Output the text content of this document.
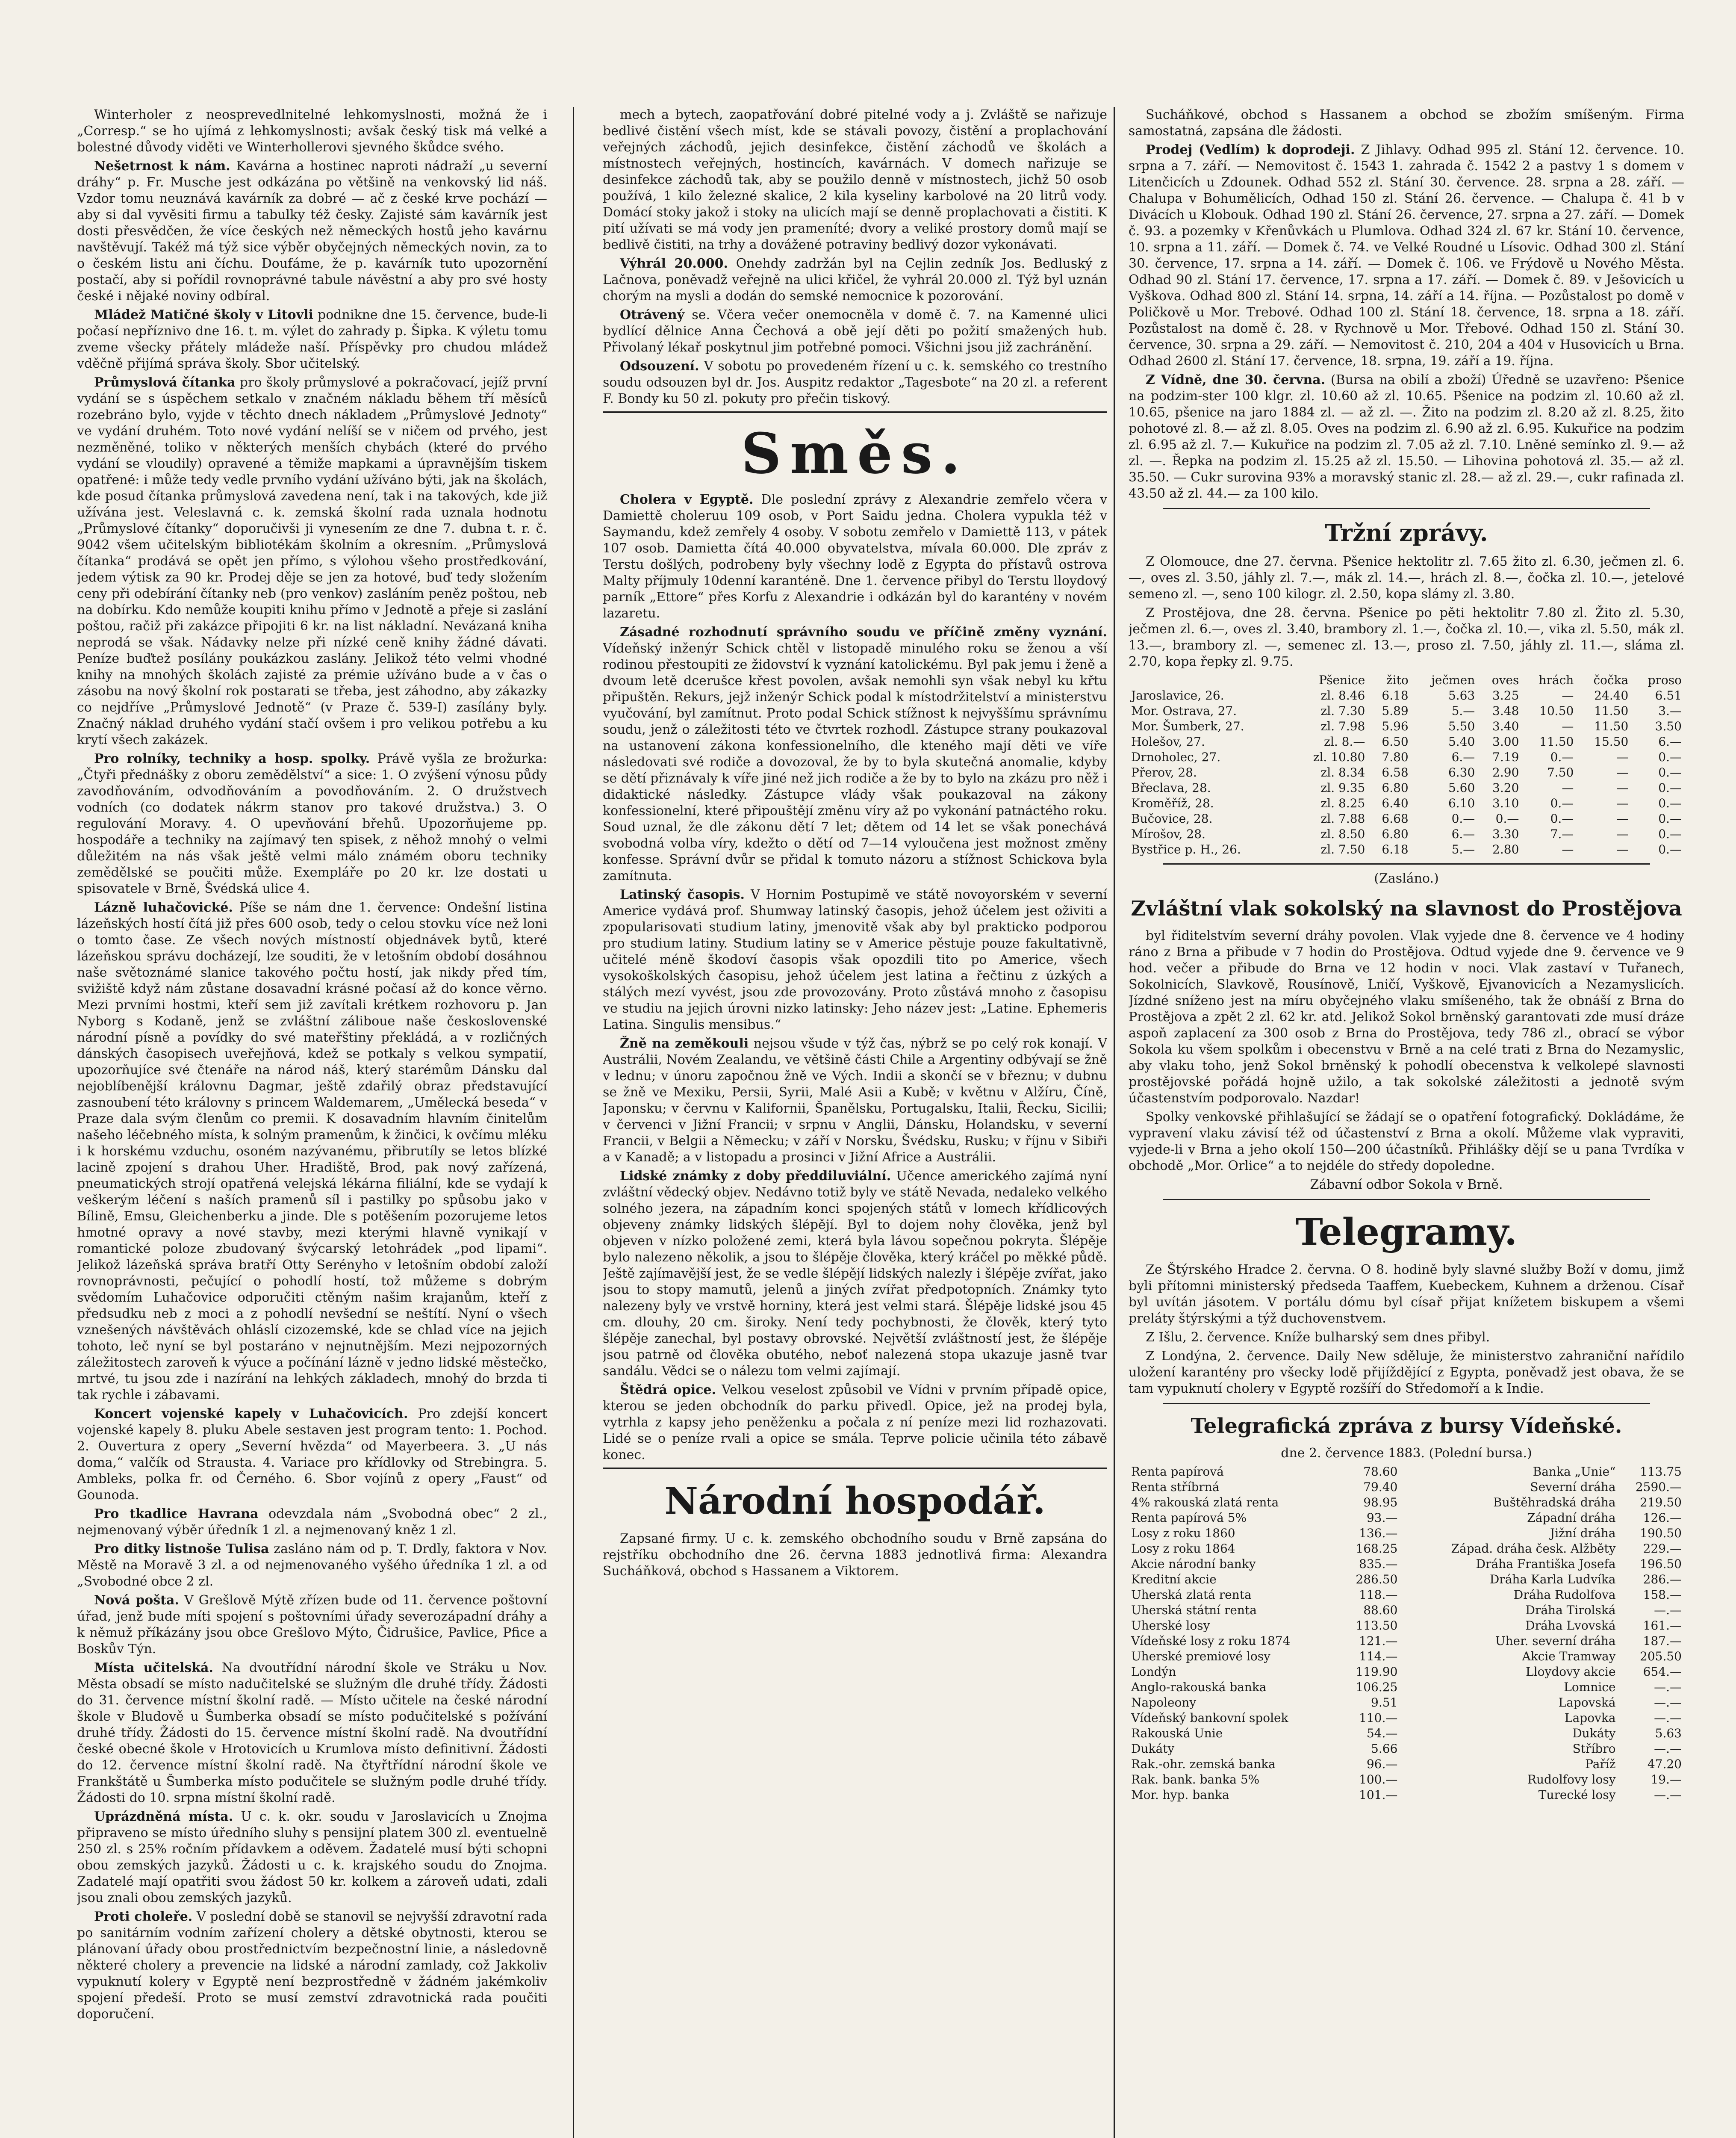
Winterholer z neosprevedlnitelné lehkomyslnosti, možná že i „Corresp.“ se ho ujímá z lehkomyslnosti; avšak český tisk má velké a bolestné důvody viděti ve Winterhollerovi sjevného škůdce svého.

Nešetrnost k nám. Kavárna a hostinec naproti nádraží „u severní dráhy“ p. Fr. Musche jest odkázána po většině na venkovský lid náš. Vzdor tomu neuznává kavárník za dobré — ač z české krve pochází — aby si dal vyvěsiti firmu a tabulky též česky. Zajisté sám kavárník jest dosti přesvědčen, že více českých než německých hostů jeho kavárnu navštěvují. Takéž má týž sice výběr obyčejných německých novin, za to o českém listu ani číchu. Doufáme, že p. kavárník tuto upozornění postačí, aby si pořídil rovnoprávné tabule návěstní a aby pro své hosty české i nějaké noviny odbíral.

Mládež Matičné školy v Litovli podnikne dne 15. července, bude-li počasí nepříznivo dne 16. t. m. výlet do zahrady p. Šipka. K výletu tomu zveme všecky přátely mládeže naší. Příspěvky pro chudou mládež vděčně přijímá správa školy. Sbor učitelský.

Průmyslová čítanka pro školy průmyslové a pokračovací, jejíž první vydání se s úspěchem setkalo v značném nákladu během tří měsíců rozebráno bylo, vyjde v těchto dnech nákladem „Průmyslové Jednoty“ ve vydání druhém. Toto nové vydání nelíší se v ničem od prvého, jest nezměněné, toliko v některých menších chybách (které do prvého vydání se vloudily) opravené a těmiže mapkami a úpravnějším tiskem opatřené: i může tedy vedle prvního vydání užíváno býti, jak na školách, kde posud čítanka průmyslová zavedena není, tak i na takových, kde již užívána jest. Veleslavná c. k. zemská školní rada uznala hodnotu „Průmyslové čítanky“ doporučivši ji vynesením ze dne 7. dubna t. r. č. 9042 všem učitelským bibliotékám školním a okresním. „Průmyslová čítanka“ prodává se opět jen přímo, s výlohou všeho prostředkování, jedem výtisk za 90 kr. Prodej děje se jen za hotové, buď tedy složením ceny při odebírání čítanky neb (pro venkov) zasláním peněz poštou, neb na dobírku. Kdo nemůže koupiti knihu přímo v Jednotě a přeje si zaslání poštou, račiž při zakázce připojiti 6 kr. na list nákladní. Nevázaná kniha neprodá se však. Nádavky nelze při nízké ceně knihy žádné dávati. Peníze buďtež posílány poukázkou zaslány. Jelikož této velmi vhodné knihy na mnohých školách zajisté za prémie užíváno bude a v čas o zásobu na nový školní rok postarati se třeba, jest záhodno, aby zákazky co nejdříve „Průmyslové Jednotě“ (v Praze č. 539-I) zasílány byly. Značný náklad druhého vydání stačí ovšem i pro velikou potřebu a ku krytí všech zakázek.

Pro rolníky, techniky a hosp. spolky. Právě vyšla ze brožurka: „Čtyři přednášky z oboru zemědělství“ a sice: 1. O zvýšení výnosu půdy zavodňováním, odvodňováním a povodňováním. 2. O družstvech vodních (co dodatek nákrm stanov pro takové družstva.) 3. O regulování Moravy. 4. O upevňování břehů. Upozorňujeme pp. hospodáře a techniky na zajímavý ten spisek, z něhož mnohý o velmi důležitém na nás však ještě velmi málo známém oboru techniky zemědělské se poučiti může. Exempláře po 20 kr. lze dostati u spisovatele v Brně, Švédská ulice 4.

Lázně luhačovické. Píše se nám dne 1. července: Ondešní listina lázeňských hostí čítá již přes 600 osob, tedy o celou stovku více než loni o tomto čase. Ze všech nových místností objednávek bytů, které lázeňskou správu docházejí, lze souditi, že v letošním období dosáhnou naše světoznámé slanice takového počtu hostí, jak nikdy před tím, svižiště když nám zůstane dosavadní krásné počasí až do konce věrno. Mezi prvními hostmi, kteří sem již zavítali krétkem rozhovoru p. Jan Nyborg s Kodaně, jenž se zvláštní záliboue naše československé národní písně a povídky do své mateřštiny překládá, a v rozličných dánských časopisech uveřejňová, kdež se potkaly s velkou sympatií, upozorňujíce své čtenáře na národ náš, který starémům Dánsku dal nejoblíbenější královnu Dagmar, ještě zdařilý obraz představující zasnoubení této královny s princem Waldemarem, „Umělecká beseda“ v Praze dala svým členům co premii. K dosavadním hlavním činitelům našeho léčebného místa, k solným pramenům, k žinčici, k ovčímu mléku i k horskému vzduchu, osoném nazývanému, přibrutíly se letos blízké lacině zpojení s drahou Uher. Hradiště, Brod, pak nový zařízená, pneumatických strojí opatřená velejská lékárna filiální, kde se vydají k veškerým léčení s naších pramenů síl i pastilky po spůsobu jako v Bílině, Emsu, Gleichenberku a jinde. Dle s potěšením pozorujeme letos hmotné opravy a nové stavby, mezi kterými hlavně vynikají v romantické poloze zbudovaný švýcarský letohrádek „pod lipami“. Jelikož lázeňská správa bratří Otty Serényho v letošním období založí rovnoprávnosti, pečující o pohodlí hostí, tož můžeme s dobrým svědomím Luhačovice odporučiti ctěným našim krajanům, kteří z předsudku neb z moci a z pohodlí nevšední se neštítí. Nyní o všech vznešených návštěvách ohláslí cizozemské, kde se chlad více na jejich tohoto, leč nyní se byl postaráno v nejnutnějším. Mezi nejpozorných záležitostech zaroveň k výuce a počínání lázně v jedno lidské městečko, mrtvé, tu jsou zde i nazírání na lehkých základech, mnohý do brzda ti tak rychle i zábavami.

Koncert vojenské kapely v Luhačovicích. Pro zdejší koncert vojenské kapely 8. pluku Abele sestaven jest program tento: 1. Pochod. 2. Ouvertura z opery „Severní hvězda“ od Mayerbeera. 3. „U nás doma,“ valčík od Strausta. 4. Variace pro křídlovky od Strebingra. 5. Ambleks, polka fr. od Černého. 6. Sbor vojínů z opery „Faust“ od Gounoda.

Pro tkadlice Havrana odevzdala nám „Svobodná obec“ 2 zl., nejmenovaný výběr úředník 1 zl. a nejmenovaný kněz 1 zl.

Pro ditky listnoše Tulisa zasláno nám od p. T. Drdly, faktora v Nov. Městě na Moravě 3 zl. a od nejmenovaného vyšého úředníka 1 zl. a od „Svobodné obce 2 zl.

Nová pošta. V Grešlově Mýtě zřízen bude od 11. července poštovní úřad, jenž bude míti spojení s poštovními úřady severozápadní dráhy a k němuž příkázány jsou obce Grešlovo Mýto, Čidrušice, Pavlice, Pfice a Boskův Týn.

Místa učitelská. Na dvoutřídní národní škole ve Stráku u Nov. Města obsadí se místo nadučitelské se služným dle druhé třídy. Žádosti do 31. července místní školní radě. — Místo učitele na české národní škole v Bludově u Šumberka obsadí se místo podučitelské s požívání druhé třídy. Žádosti do 15. července místní školní radě. Na dvoutřídní české obecné škole v Hrotovicích u Krumlova místo definitivní. Žádosti do 12. července místní školní radě. Na čtyřtřídní národní škole ve Frankštátě u Šumberka místo podučitele se služným podle druhé třídy. Žádosti do 10. srpna místní školní radě.

Uprázdněná místa. U c. k. okr. soudu v Jaroslavicích u Znojma připraveno se místo úředního sluhy s pensijní platem 300 zl. eventuelně 250 zl. s 25% ročním přídavkem a oděvem. Žadatelé musí býti schopni obou zemských jazyků. Žádosti u c. k. krajského soudu do Znojma. Zadatelé mají opatřiti svou žádost 50 kr. kolkem a zároveň udati, zdali jsou znali obou zemských jazyků.

Proti choleře. V poslední době se stanovil se nejvyšší zdravotní rada po sanitárním vodním zařízení cholery a dětské obytnosti, kterou se plánovaní úřady obou prostřednictvím bezpečnostní linie, a následovně některé cholery a prevencie na lidské a národní zamlady, což Jakkoliv vypuknutí kolery v Egyptě není bezprostředně v žádném jakémkoliv spojení předeší. Proto se musí zemství zdravotnická rada poučiti doporučení.

mech a bytech, zaopatřování dobré pitelné vody a j. Zvláště se nařizuje bedlivé čistění všech míst, kde se stávali povozy, čistění a proplachování veřejných záchodů, jejich desinfekce, čistění záchodů ve školách a místnostech veřejných, hostincích, kavárnách. V domech nařizuje se desinfekce záchodů tak, aby se použilo denně v místnostech, jichž 50 osob používá, 1 kilo železné skalice, 2 kila kyseliny karbolové na 20 litrů vody. Domácí stoky jakož i stoky na ulicích mají se denně proplachovati a čistiti. K pití užívati se má vody jen prameníté; dvory a veliké prostory domů mají se bedlivě čistiti, na trhy a dovážené potraviny bedlivý dozor vykonávati.

Výhrál 20.000. Onehdy zadržán byl na Cejlin zedník Jos. Bedluský z Lačnova, poněvadž veřejně na ulici křičel, že vyhrál 20.000 zl. Týž byl uznán chorým na mysli a dodán do semské nemocnice k pozorování.

Otrávený se. Včera večer onemocněla v domě č. 7. na Kamenné ulici bydlící dělnice Anna Čechová a obě její děti po požití smažených hub. Přivolaný lékař poskytnul jim potřebné pomoci. Všichni jsou již zachránění.

Odsouzení. V sobotu po provedeném řízení u c. k. semského co trestního soudu odsouzen byl dr. Jos. Auspitz redaktor „Tagesbote“ na 20 zl. a referent F. Bondy ku 50 zl. pokuty pro přečin tiskový.

Směs.

Cholera v Egyptě. Dle poslední zprávy z Alexandrie zemřelo včera v Damiettě choleruu 109 osob, v Port Saidu jedna. Cholera vypukla též v Saymandu, kdež zemřely 4 osoby. V sobotu zemřelo v Damiettě 113, v pátek 107 osob. Damietta čítá 40.000 obyvatelstva, mívala 60.000. Dle zpráv z Terstu došlých, podrobeny byly všechny lodě z Egypta do přístavů ostrova Malty příjmuly 10denní karanténě. Dne 1. července přibyl do Terstu lloydový parník „Ettore“ přes Korfu z Alexandrie i odkázán byl do karantény v novém lazaretu.

Zásadné rozhodnutí správního soudu ve příčině změny vyznání. Vídeňský inženýr Schick chtěl v listopadě minulého roku se ženou a vší rodinou přestoupiti ze židovství k vyznání katolickému. Byl pak jemu i ženě a dvoum letě dcerušce křest povolen, avšak nemohli syn však nebyl ku křtu připuštěn. Rekurs, jejž inženýr Schick podal k místodržitelství a ministerstvu vyučování, byl zamítnut. Proto podal Schick stížnost k nejvyššímu správnímu soudu, jenž o záležitosti této ve čtvrtek rozhodl. Zástupce strany poukazoval na ustanovení zákona konfessionelního, dle kteného mají děti ve víře následovati své rodiče a dovozoval, že by to byla skutečná anomalie, kdyby se dětí přiznávaly k víře jiné než jich rodiče a že by to bylo na zkázu pro něž i didaktické následky. Zástupce vlády však poukazoval na zákony konfessionelní, které připouštějí změnu víry až po vykonání patnáctého roku. Soud uznal, že dle zákonu dětí 7 let; dětem od 14 let se však ponechává svobodná volba víry, kdežto o dětí od 7—14 vyloučena jest možnost změny konfesse. Správní dvůr se přidal k tomuto názoru a stížnost Schickova byla zamítnuta.

Latinský časopis. V Hornim Postupimě ve státě novoyorském v severní Americe vydává prof. Shumway latinský časopis, jehož účelem jest oživiti a zpopularisovati studium latiny, jmenovitě však aby byl prakticko podporou pro studium latiny. Studium latiny se v Americe pěstuje pouze fakultativně, učitelé méně škodoví časopis však opozdili tito po Americe, všech vysokoškolských časopisu, jehož účelem jest latina a řečtinu z úzkých a stálých mezí vyvést, jsou zde provozovány. Proto zůstává mnoho z časopisu ve studiu na jejich úrovni nizko latinsky: Jeho název jest: „Latine. Ephemeris Latina. Singulis mensibus.“

Žně na zeměkouli nejsou všude v týž čas, nýbrž se po celý rok konají. V Austrálii, Novém Zealandu, ve většině části Chile a Argentiny odbývají se žně v lednu; v únoru započnou žně ve Vých. Indii a skončí se v březnu; v dubnu se žně ve Mexiku, Persii, Syrii, Malé Asii a Kubě; v květnu v Alžíru, Číně, Japonsku; v červnu v Kalifornii, Španělsku, Portugalsku, Italii, Řecku, Sicilii; v červenci v Jižní Francii; v srpnu v Anglii, Dánsku, Holandsku, v severní Francii, v Belgii a Německu; v září v Norsku, Švédsku, Rusku; v říjnu v Sibiři a v Kanadě; a v listopadu a prosinci v Jižní Africe a Austrálii.

Lidské známky z doby předdiluviální. Učence amerického zajímá nyní zvláštní vědecký objev. Nedávno totiž byly ve státě Nevada, nedaleko velkého solného jezera, na západním konci spojených států v lomech křídlicových objeveny známky lidských šlépějí. Byl to dojem nohy člověka, jenž byl objeven v nízko položené zemi, která byla lávou sopečnou pokryta. Šlépěje bylo nalezeno několik, a jsou to šlépěje člověka, který kráčel po měkké půdě. Ještě zajímavější jest, že se vedle šlépějí lidských nalezly i šlépěje zvířat, jako jsou to stopy mamutů, jelenů a jiných zvířat předpotopních. Známky tyto nalezeny byly ve vrstvě horniny, která jest velmi stará. Šlépěje lidské jsou 45 cm. dlouhy, 20 cm. široky. Není tedy pochybnosti, že člověk, který tyto šlépěje zanechal, byl postavy obrovské. Největší zvláštností jest, že šlépěje jsou patrně od člověka obutého, neboť nalezená stopa ukazuje jasně tvar sandálu. Vědci se o nálezu tom velmi zajímají.

Štědrá opice. Velkou veselost způsobil ve Vídni v prvním případě opice, kterou se jeden obchodník do parku přivedl. Opice, jež na prodej byla, vytrhla z kapsy jeho peněženku a počala z ní peníze mezi lid rozhazovati. Lidé se o peníze rvali a opice se smála. Teprve policie učinila této zábavě konec.

Národní hospodář.

Zapsané firmy. U c. k. zemského obchodního soudu v Brně zapsána do rejstříku obchodního dne 26. června 1883 jednotlivá firma: Alexandra Sucháňková, obchod s Hassanem a Viktorem.

Sucháňkové, obchod s Hassanem a obchod se zbožím smíšeným. Firma samostatná, zapsána dle žádosti.

Prodej (Vedlím) k doprodeji. Z Jihlavy. Odhad 995 zl. Stání 12. července. 10. srpna a 7. září. — Nemovitost č. 1543 1. zahrada č. 1542 2 a pastvy 1 s domem v Litenčicích u Zdounek. Odhad 552 zl. Stání 30. července. 28. srpna a 28. září. — Chalupa v Bohumělicích, Odhad 150 zl. Stání 26. července. — Chalupa č. 41 b v Divácích u Klobouk. Odhad 190 zl. Stání 26. července, 27. srpna a 27. září. — Domek č. 93. a pozemky v Křenůvkách u Plumlova. Odhad 324 zl. 67 kr. Stání 10. července, 10. srpna a 11. září. — Domek č. 74. ve Velké Roudné u Lísovic. Odhad 300 zl. Stání 30. července, 17. srpna a 14. září. — Domek č. 106. ve Frýdově u Nového Města. Odhad 90 zl. Stání 17. července, 17. srpna a 17. září. — Domek č. 89. v Ješovicích u Vyškova. Odhad 800 zl. Stání 14. srpna, 14. září a 14. října. — Pozůstalost po domě v Poličkově u Mor. Trebové. Odhad 100 zl. Stání 18. července, 18. srpna a 18. září. Pozůstalost na domě č. 28. v Rychnově u Mor. Třebové. Odhad 150 zl. Stání 30. července, 30. srpna a 29. září. — Nemovitost č. 210, 204 a 404 v Husovicích u Brna. Odhad 2600 zl. Stání 17. července, 18. srpna, 19. září a 19. října.

Z Vídně, dne 30. června. (Bursa na obilí a zboží) Úředně se uzavřeno: Pšenice na podzim-ster 100 klgr. zl. 10.60 až zl. 10.65. Pšenice na podzim zl. 10.60 až zl. 10.65, pšenice na jaro 1884 zl. — až zl. —. Žito na podzim zl. 8.20 až zl. 8.25, žito pohotové zl. 8.— až zl. 8.05. Oves na podzim zl. 6.90 až zl. 6.95. Kukuřice na podzim zl. 6.95 až zl. 7.— Kukuřice na podzim zl. 7.05 až zl. 7.10. Lněné semínko zl. 9.— až zl. —. Řepka na podzim zl. 15.25 až zl. 15.50. — Lihovina pohotová zl. 35.— až zl. 35.50. — Cukr surovina 93% a moravský stanic zl. 28.— až zl. 29.—, cukr rafinada zl. 43.50 až zl. 44.— za 100 kilo.

Tržní zprávy.

Z Olomouce, dne 27. června. Pšenice hektolitr zl. 7.65 žito zl. 6.30, ječmen zl. 6.—, oves zl. 3.50, jáhly zl. 7.—, mák zl. 14.—, hrách zl. 8.—, čočka zl. 10.—, jetelové semeno zl. —, seno 100 kilogr. zl. 2.50, kopa slámy zl. 3.80.

Z Prostějova, dne 28. června. Pšenice po pěti hektolitr 7.80 zl. Žito zl. 5.30, ječmen zl. 6.—, oves zl. 3.40, brambory zl. 1.—, čočka zl. 10.—, vika zl. 5.50, mák zl. 13.—, brambory zl. —, semenec zl. 13.—, proso zl. 7.50, jáhly zl. 11.—, sláma zl. 2.70, kopa řepky zl. 9.75.

	Pšenice	žito	ječmen	oves	hrách	čočka	proso
Jaroslavice, 26.	zl. 8.46	6.18	5.63	3.25	—	24.40	6.51
Mor. Ostrava, 27.	zl. 7.30	5.89	5.—	3.48	10.50	11.50	3.—
Mor. Šumberk, 27.	zl. 7.98	5.96	5.50	3.40	—	11.50	3.50
Holešov, 27.	zl. 8.—	6.50	5.40	3.00	11.50	15.50	6.—
Drnoholec, 27.	zl. 10.80	7.80	6.—	7.19	0.—	—	0.—
Přerov, 28.	zl. 8.34	6.58	6.30	2.90	7.50	—	0.—
Břeclava, 28.	zl. 9.35	6.80	5.60	3.20	—	—	0.—
Kroměříž, 28.	zl. 8.25	6.40	6.10	3.10	0.—	—	0.—
Bučovice, 28.	zl. 7.88	6.68	0.—	0.—	0.—	—	0.—
Mírošov, 28.	zl. 8.50	6.80	6.—	3.30	7.—	—	0.—
Bystřice p. H., 26.	zl. 7.50	6.18	5.—	2.80	—	—	0.—

(Zasláno.)

Zvláštní vlak sokolský na slavnost do Prostějova

byl řiditelstvím severní dráhy povolen. Vlak vyjede dne 8. července ve 4 hodiny ráno z Brna a přibude v 7 hodin do Prostějova. Odtud vyjede dne 9. července ve 9 hod. večer a přibude do Brna ve 12 hodin v noci. Vlak zastaví v Tuřanech, Sokolnicích, Slavkově, Rousínově, Lničí, Vyškově, Ejvanovicích a Nezamyslicích. Jízdné sníženo jest na míru obyčejného vlaku smíšeného, tak že obnáší z Brna do Prostějova a zpět 2 zl. 62 kr. atd. Jelikož Sokol brněnský garantovati zde musí dráze aspoň zaplacení za 300 osob z Brna do Prostějova, tedy 786 zl., obrací se výbor Sokola ku všem spolkům i obecenstvu v Brně a na celé trati z Brna do Nezamyslic, aby vlaku toho, jenž Sokol brněnský k pohodlí obecenstva k velkolepé slavnosti prostějovské pořádá hojně užilo, a tak sokolské záležitosti a jednotě svým účastenstvím podporovalo. Nazdar!

Spolky venkovské přihlašující se žádají se o opatření fotografický. Dokládáme, že vypravení vlaku závisí též od účastenství z Brna a okolí. Můžeme vlak vypraviti, vyjede-li v Brna a jeho okolí 150—200 účastníků. Přihlášky dějí se u pana Tvrdíka v obchodě „Mor. Orlice“ a to nejdéle do středy dopoledne.

Zábavní odbor Sokola v Brně.

Telegramy.

Ze Štýrského Hradce 2. června. O 8. hodině byly slavné služby Boží v domu, jimž byli přítomni ministerský předseda Taaffem, Kuebeckem, Kuhnem a drženou. Císař byl uvítán jásotem. V portálu dómu byl císař přijat knížetem biskupem a všemi preláty štýrskými a týž duchovenstvem.

Z Išlu, 2. července. Kníže bulharský sem dnes přibyl.

Z Londýna, 2. července. Daily New sděluje, že ministerstvo zahraniční nařídilo uložení karantény pro všecky lodě přijíždějící z Egypta, poněvadž jest obava, že se tam vypuknutí cholery v Egyptě rozšíří do Středomoří a k Indie.

Telegrafická zpráva z bursy Vídeňské.

dne 2. července 1883. (Polední bursa.)

Renta papírová	78.60	Banka „Unie“	113.75
Renta stříbrná	79.40	Severní dráha	2590.—
4% rakouská zlatá renta	98.95	Buštěhradská dráha	219.50
Renta papírová 5%	93.—	Západní dráha	126.—
Losy z roku 1860	136.—	Jižní dráha	190.50
Losy z roku 1864	168.25	Západ. dráha česk. Alžběty	229.—
Akcie národní banky	835.—	Dráha Františka Josefa	196.50
Kreditní akcie	286.50	Dráha Karla Ludvíka	286.—
Uherská zlatá renta	118.—	Dráha Rudolfova	158.—
Uherská státní renta	88.60	Dráha Tirolská	—.—
Uherské losy	113.50	Dráha Lvovská	161.—
Vídeňské losy z roku 1874	121.—	Uher. severní dráha	187.—
Uherské premiové losy	114.—	Akcie Tramway	205.50
Londýn	119.90	Lloydovy akcie	654.—
Anglo-rakouská banka	106.25	Lomnice	—.—
Napoleony	9.51	Lapovská	—.—
Vídeňský bankovní spolek	110.—	Lapovka	—.—
Rakouská Unie	54.—	Dukáty	5.63
Dukáty	5.66	Stříbro	—.—
Rak.-ohr. zemská banka	96.—	Paříž	47.20
Rak. bank. banka 5%	100.—	Rudolfovy losy	19.—
Mor. hyp. banka	101.—	Turecké losy	—.—
